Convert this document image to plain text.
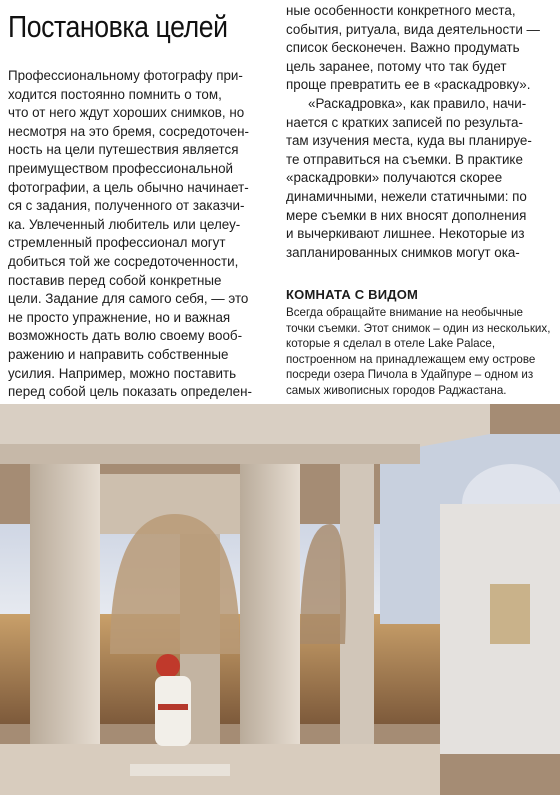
Постановка целей
Профессиональному фотографу при-
ходится постоянно помнить о том,
что от него ждут хороших снимков, но
несмотря на это бремя, сосредоточен-
ность на цели путешествия является
преимуществом профессиональной
фотографии, а цель обычно начинает-
ся с задания, полученного от заказчи-
ка. Увлеченный любитель или целеу-
стремленный профессионал могут
добиться той же сосредоточенности,
поставив перед собой конкретные
цели. Задание для самого себя, — это
не просто упражнение, но и важная
возможность дать волю своему вооб-
ражению и направить собственные
усилия. Например, можно поставить
перед собой цель показать определен-
ные особенности конкретного места,
события, ритуала, вида деятельности —
список бесконечен. Важно продумать
цель заранее, потому что так будет
проще превратить ее в «раскадровку».
«Раскадровка», как правило, начи-
нается с кратких записей по результа-
там изучения места, куда вы планируе-
те отправиться на съемки. В практике
«раскадровки» получаются скорее
динамичными, нежели статичными: по
мере съемки в них вносят дополнения
и вычеркивают лишнее. Некоторые из
запланированных снимков могут ока-
КОМНАТА С ВИДОМ
Всегда обращайте внимание на необычные
точки съемки. Этот снимок – один из нескольких,
которые я сделал в отеле Lake Palace,
построенном на принадлежащем ему острове
посреди озера Пичола в Удайпуре – одном из
самых живописных городов Раджастана.
